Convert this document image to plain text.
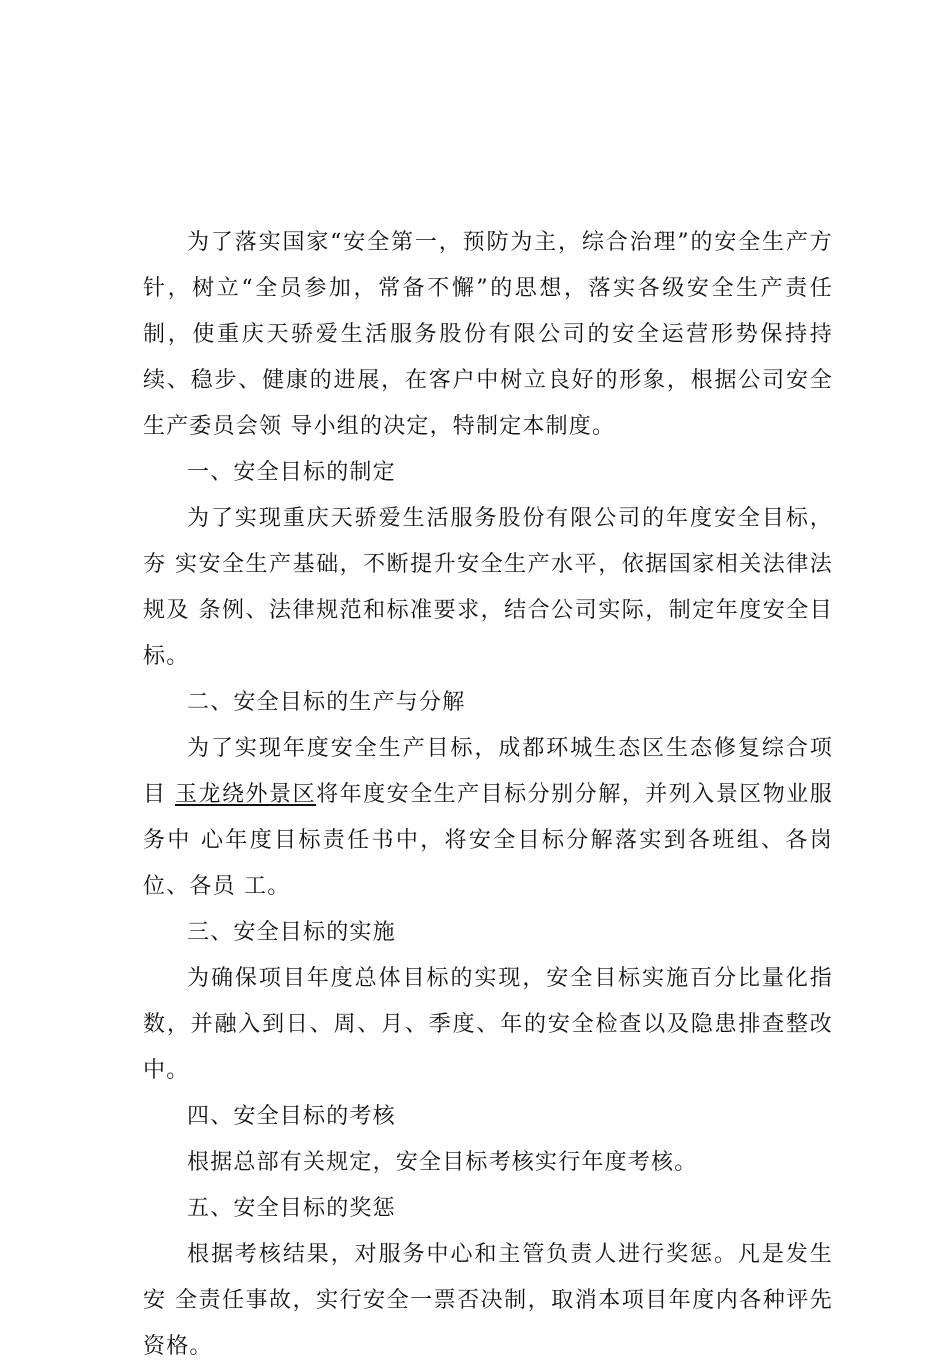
为了落实国家“安全第一，预防为主，综合治理”的安全生产方针，树立“全员参加，常备不懈”的思想，落实各级安全生产责任制，使重庆天骄爱生活服务股份有限公司的安全运营形势保持持续、稳步、健康的进展，在客户中树立良好的形象，根据公司安全生产委员会领 导小组的决定，特制定本制度。

一、安全目标的制定

为了实现重庆天骄爱生活服务股份有限公司的年度安全目标，夯 实安全生产基础，不断提升安全生产水平，依据国家相关法律法规及 条例、法律规范和标准要求，结合公司实际，制定年度安全目标。

二、安全目标的生产与分解

为了实现年度安全生产目标，成都环城生态区生态修复综合项目 玉龙绕外景区将年度安全生产目标分别分解，并列入景区物业服务中 心年度目标责任书中，将安全目标分解落实到各班组、各岗位、各员 工。

三、安全目标的实施

为确保项目年度总体目标的实现，安全目标实施百分比量化指数，并融入到日、周、月、季度、年的安全检查以及隐患排查整改中。

四、安全目标的考核

根据总部有关规定，安全目标考核实行年度考核。

五、安全目标的奖惩

根据考核结果，对服务中心和主管负责人进行奖惩。凡是发生安 全责任事故，实行安全一票否决制，取消本项目年度内各种评先资格。
